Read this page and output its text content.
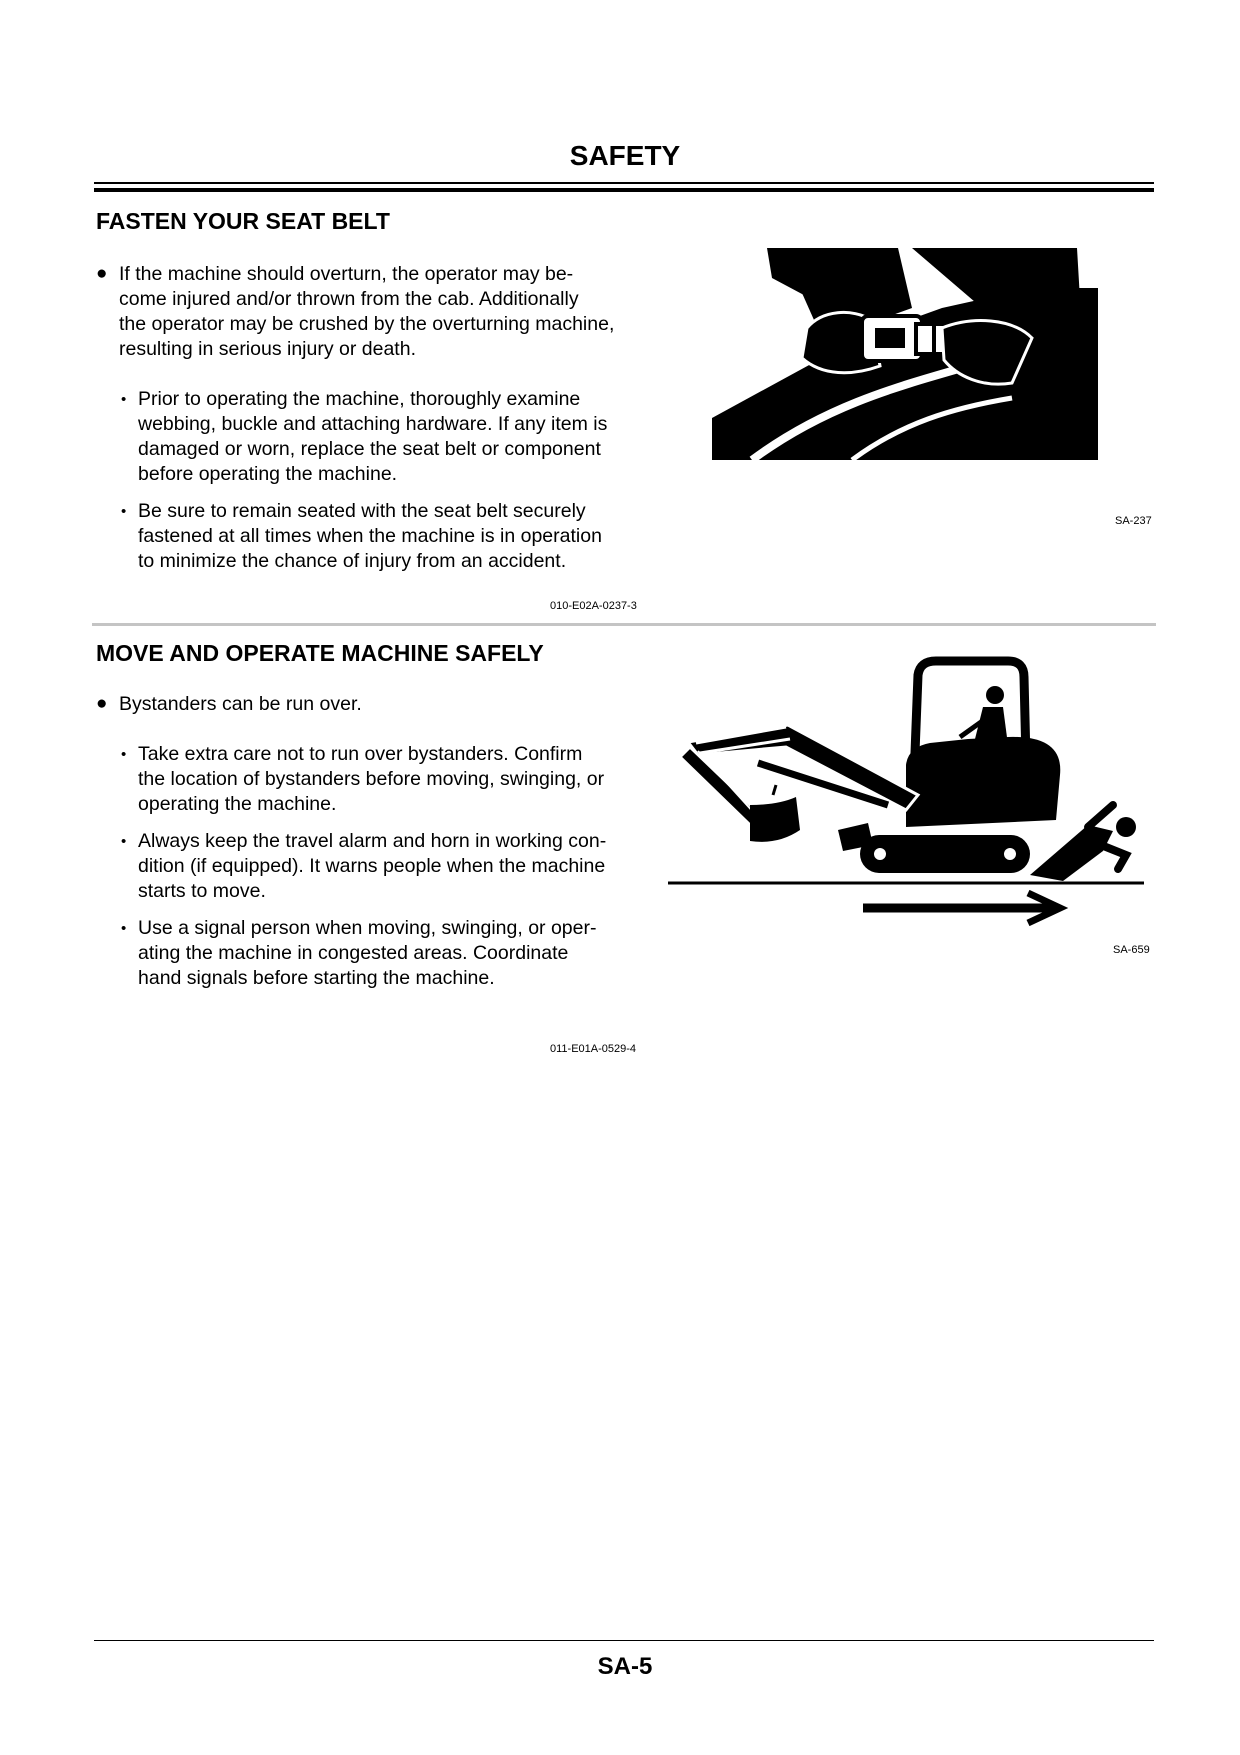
SAFETY
FASTEN YOUR SEAT BELT
● If the machine should overturn, the operator may be-
come injured and/or thrown from the cab. Additionally
the operator may be crushed by the overturning machine,
resulting in serious injury or death.

• Prior to operating the machine, thoroughly examine
webbing, buckle and attaching hardware. If any item is
damaged or worn, replace the seat belt or component
before operating the machine.

• Be sure to remain seated with the seat belt securely
fastened at all times when the machine is in operation
to minimize the chance of injury from an accident.

010-E02A-0237-3
SA-237
MOVE AND OPERATE MACHINE SAFELY
● Bystanders can be run over.

• Take extra care not to run over bystanders. Confirm
the location of bystanders before moving, swinging, or
operating the machine.

• Always keep the travel alarm and horn in working con-
dition (if equipped). It warns people when the machine
starts to move.

• Use a signal person when moving, swinging, or oper-
ating the machine in congested areas. Coordinate
hand signals before starting the machine.

011-E01A-0529-4
SA-659
SA-5
